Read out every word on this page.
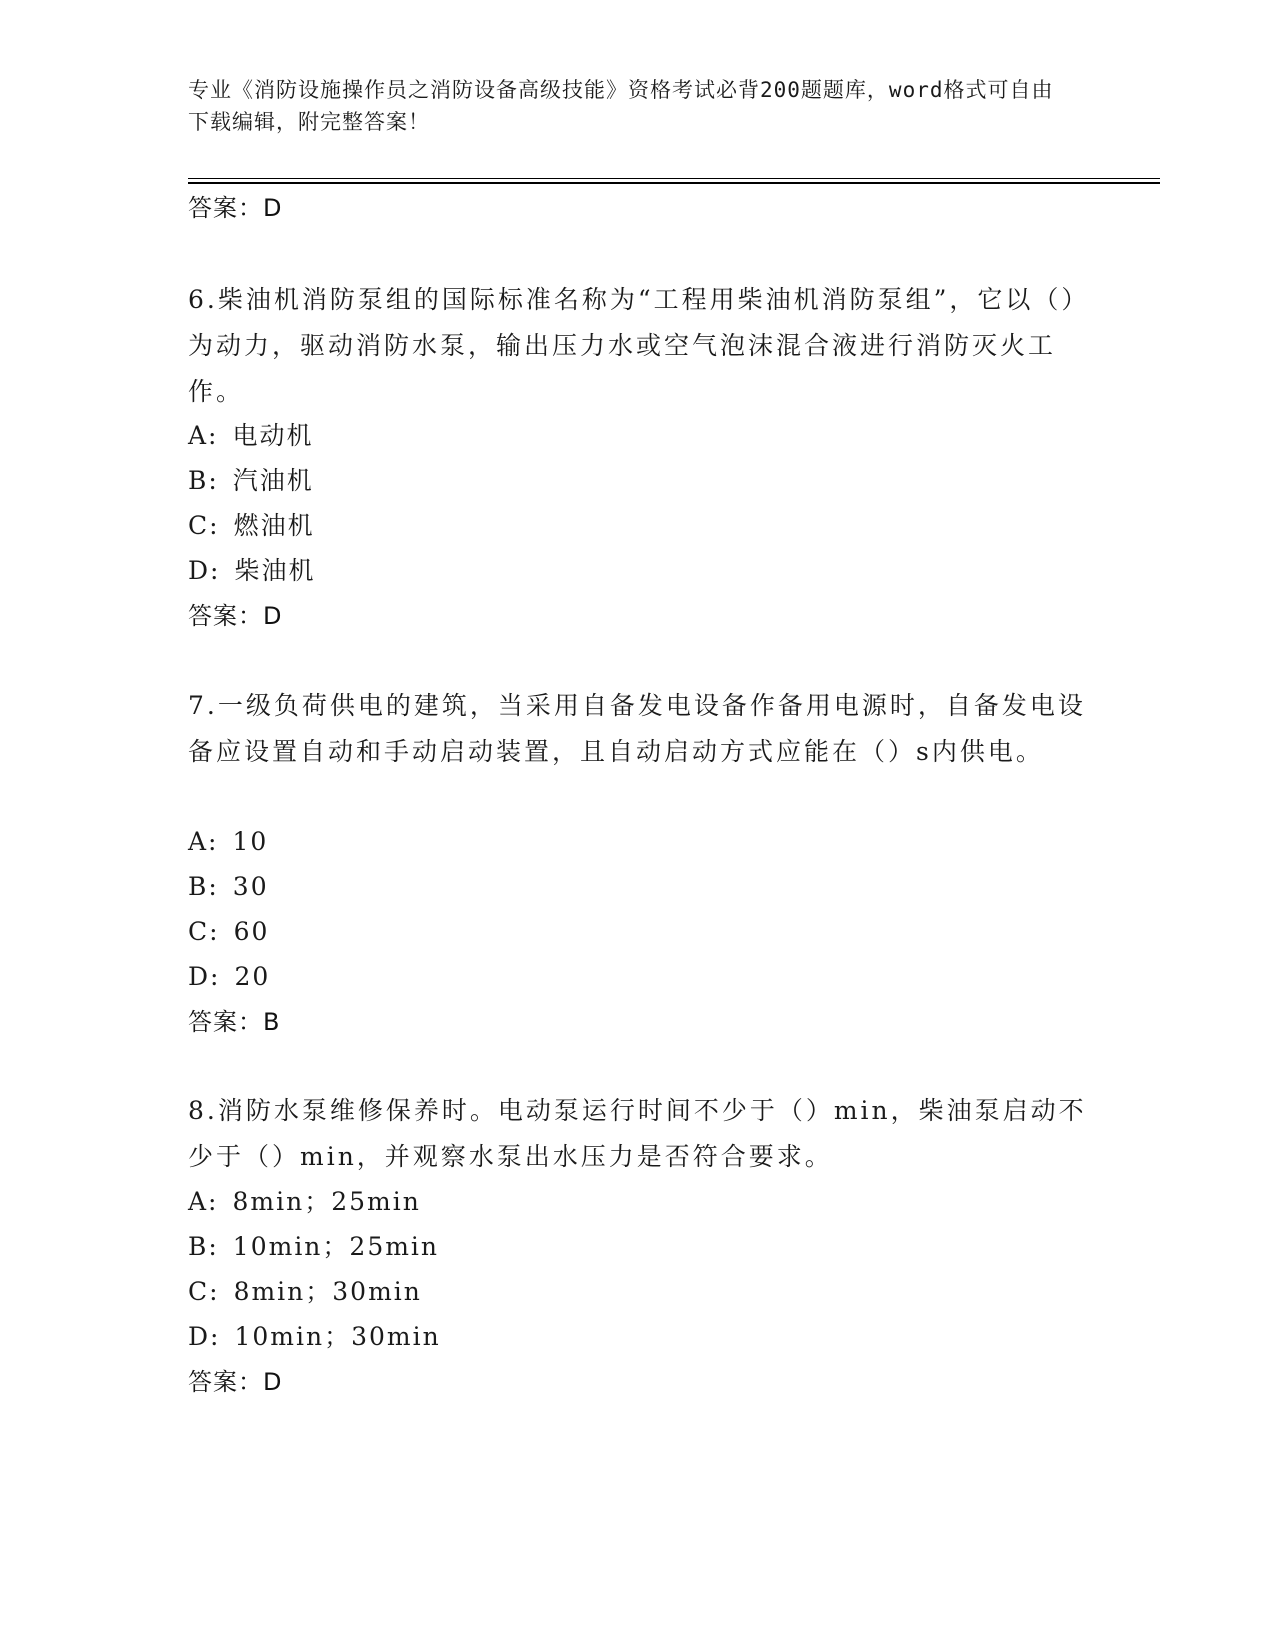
专业《消防设施操作员之消防设备高级技能》资格考试必背200题题库，word格式可自由下载编辑，附完整答案！
答案：D
6.柴油机消防泵组的国际标准名称为“工程用柴油机消防泵组”，它以（）为动力，驱动消防水泵，输出压力水或空气泡沫混合液进行消防灭火工作。
A: 电动机
B: 汽油机
C: 燃油机
D: 柴油机
答案：D
7.一级负荷供电的建筑，当采用自备发电设备作备用电源时，自备发电设备应设置自动和手动启动装置，且自动启动方式应能在（）s内供电。
A: 10
B: 30
C: 60
D: 20
答案：B
8.消防水泵维修保养时。电动泵运行时间不少于（）min，柴油泵启动不少于（）min，并观察水泵出水压力是否符合要求。
A: 8min；25min
B: 10min；25min
C: 8min；30min
D: 10min；30min
答案：D
